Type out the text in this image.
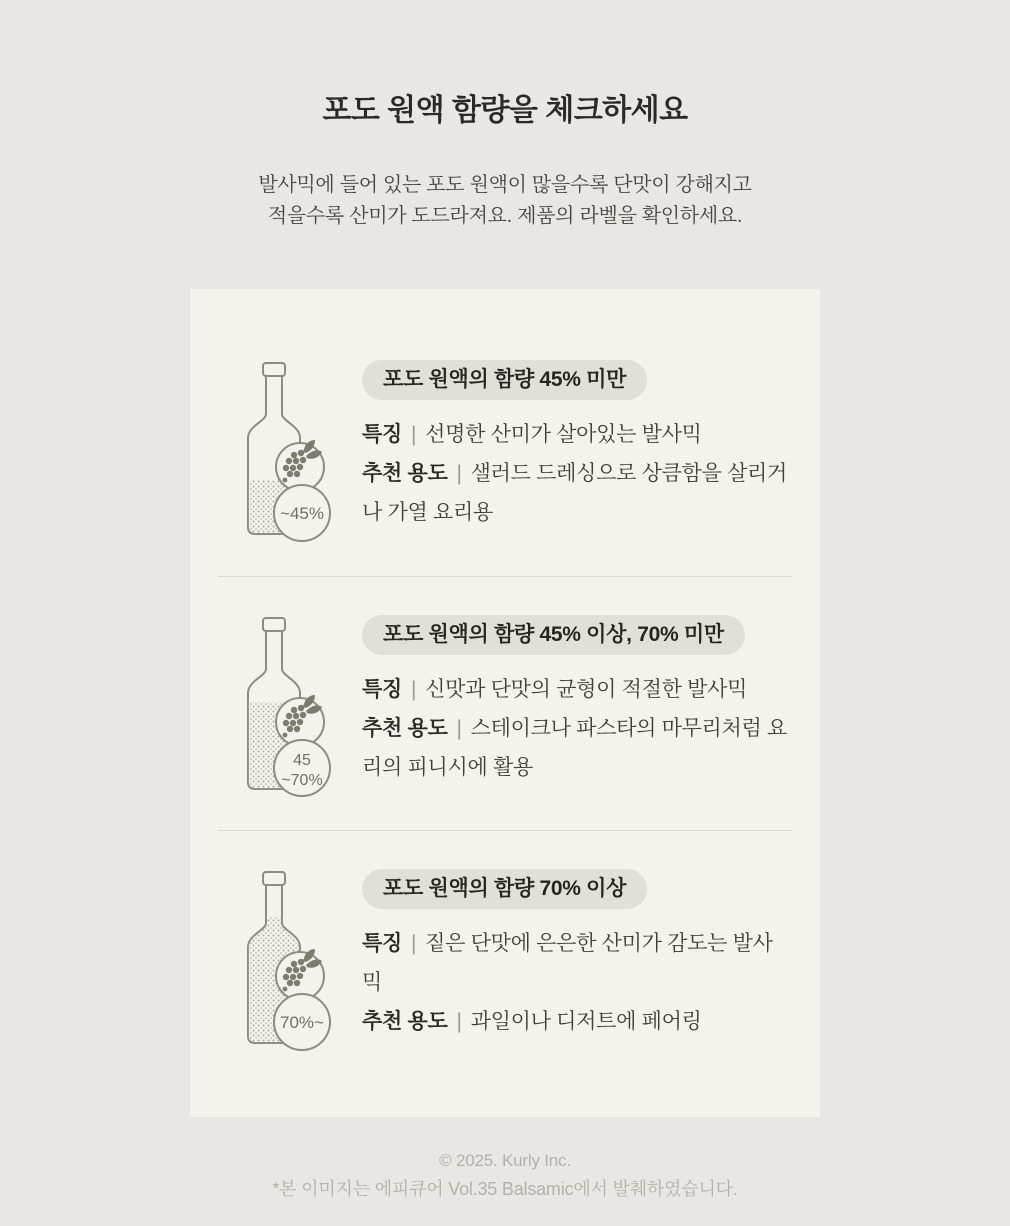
포도 원액 함량을 체크하세요
발사믹에 들어 있는 포도 원액이 많을수록 단맛이 강해지고
적을수록 산미가 도드라져요. 제품의 라벨을 확인하세요.
~45%
포도 원액의 함량 45% 미만

특징 | 선명한 산미가 살아있는 발사믹

추천 용도 | 샐러드 드레싱으로 상큼함을 살리거나 가열 요리용

45
~70%
포도 원액의 함량 45% 이상, 70% 미만

특징 | 신맛과 단맛의 균형이 적절한 발사믹

추천 용도 | 스테이크나 파스타의 마무리처럼 요리의 피니시에 활용

70%~
포도 원액의 함량 70% 이상

특징 | 짙은 단맛에 은은한 산미가 감도는 발사믹

추천 용도 | 과일이나 디저트에 페어링

© 2025. Kurly Inc.
*본 이미지는 에피큐어 Vol.35 Balsamic에서 발췌하였습니다.
